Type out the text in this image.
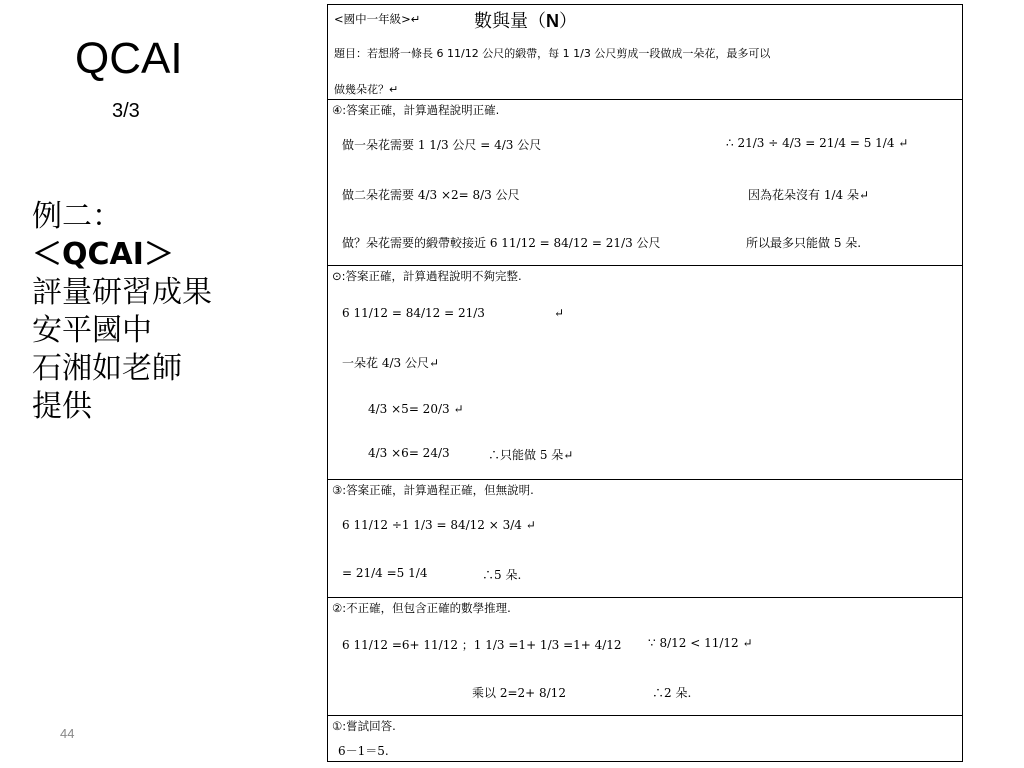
QCAI
3/3
例二：
＜QCAI＞
評量研習成果
安平國中
石湘如老師
提供
44
<國中一年級>↵	數與量（N）
題目：若想將一條長 6 11/12 公尺的緞帶，每 1 1/3 公尺剪成一段做成一朵花，最多可以
做幾朵花？↵
④:答案正確，計算過程說明正確.
做一朵花需要 1 1/3 公尺 = 4/3 公尺	∴ 21/3 ÷ 4/3 = 21/4 = 5 1/4 ↵
做二朵花需要 4/3 ×2= 8/3 公尺	因為花朵沒有 1/4 朵↵
做？朵花需要的緞帶較接近 6 11/12 = 84/12 = 21/3 公尺	所以最多只能做 5 朵.
⊙:答案正確，計算過程說明不夠完整.
6 11/12 = 84/12 = 21/3	↵
一朵花 4/3 公尺↵
4/3 ×5= 20/3 ↵
4/3 ×6= 24/3	∴只能做 5 朵↵
③:答案正確，計算過程正確，但無說明.
6 11/12 ÷1 1/3 = 84/12 × 3/4 ↵
= 21/4 =5 1/4	∴5 朵.
②:不正確，但包含正確的數學推理.
6 11/12 =6+ 11/12 ；1 1/3 =1+ 1/3 =1+ 4/12 ∵ 8/12 < 11/12 ↵
乘以 2=2+ 8/12	∴2 朵.
①:嘗試回答.
6－1＝5.
